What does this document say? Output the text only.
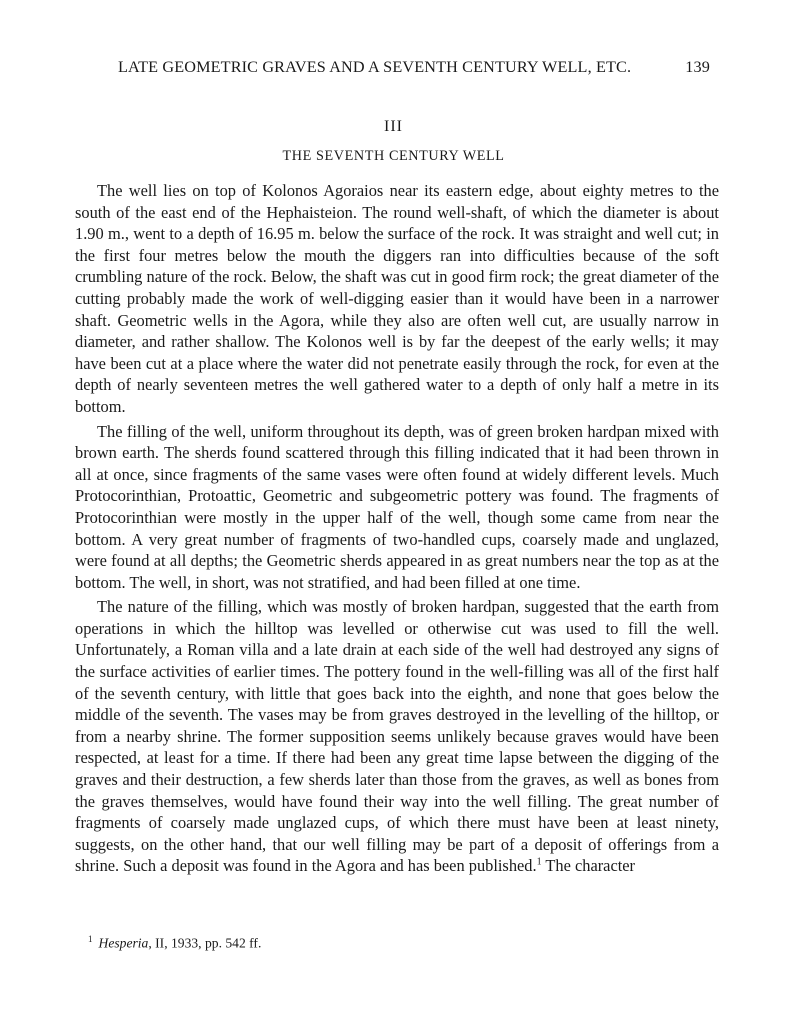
LATE GEOMETRIC GRAVES AND A SEVENTH CENTURY WELL, ETC.	139
III
THE SEVENTH CENTURY WELL

The well lies on top of Kolonos Agoraios near its eastern edge, about eighty metres to the south of the east end of the Hephaisteion. The round well-shaft, of which the diameter is about 1.90 m., went to a depth of 16.95 m. below the surface of the rock. It was straight and well cut; in the first four metres below the mouth the diggers ran into difficulties because of the soft crumbling nature of the rock. Below, the shaft was cut in good firm rock; the great diameter of the cutting probably made the work of well-digging easier than it would have been in a narrower shaft. Geometric wells in the Agora, while they also are often well cut, are usually narrow in diameter, and rather shallow. The Kolonos well is by far the deepest of the early wells; it may have been cut at a place where the water did not penetrate easily through the rock, for even at the depth of nearly seventeen metres the well gathered water to a depth of only half a metre in its bottom.

The filling of the well, uniform throughout its depth, was of green broken hardpan mixed with brown earth. The sherds found scattered through this filling indicated that it had been thrown in all at once, since fragments of the same vases were often found at widely different levels. Much Protocorinthian, Protoattic, Geometric and subgeometric pottery was found. The fragments of Protocorinthian were mostly in the upper half of the well, though some came from near the bottom. A very great number of fragments of two-handled cups, coarsely made and unglazed, were found at all depths; the Geometric sherds appeared in as great numbers near the top as at the bottom. The well, in short, was not stratified, and had been filled at one time.

The nature of the filling, which was mostly of broken hardpan, suggested that the earth from operations in which the hilltop was levelled or otherwise cut was used to fill the well. Unfortunately, a Roman villa and a late drain at each side of the well had destroyed any signs of the surface activities of earlier times. The pottery found in the well-filling was all of the first half of the seventh century, with little that goes back into the eighth, and none that goes below the middle of the seventh. The vases may be from graves destroyed in the levelling of the hilltop, or from a nearby shrine. The former supposition seems unlikely because graves would have been respected, at least for a time. If there had been any great time lapse between the digging of the graves and their destruction, a few sherds later than those from the graves, as well as bones from the graves themselves, would have found their way into the well filling. The great number of fragments of coarsely made unglazed cups, of which there must have been at least ninety, suggests, on the other hand, that our well filling may be part of a deposit of offerings from a shrine. Such a deposit was found in the Agora and has been published.$^1$ The character

$^1$ Hesperia, II, 1933, pp. 542 ff.
